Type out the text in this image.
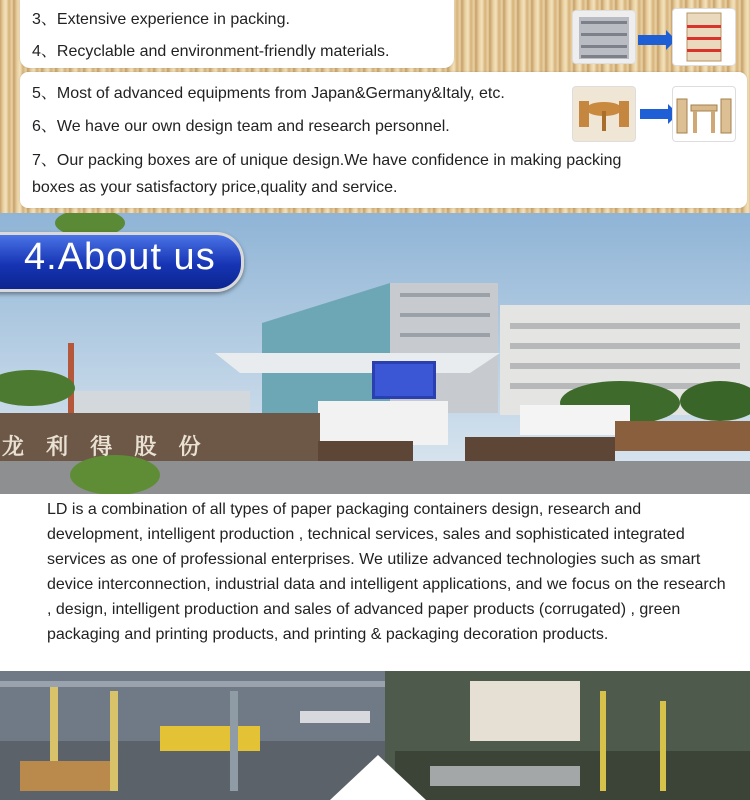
3、Extensive experience in packing.
4、Recyclable and environment-friendly materials.
5、Most of advanced equipments from Japan&Germany&Italy, etc.
6、We have our own design team and research personnel.
7、Our packing boxes are of unique design.We have confidence in making packing
boxes as your satisfactory price,quality and service.
龙 利 得 股 份
4.About us
LD is a combination of all types of paper packaging containers design, research and development, intelligent production , technical services, sales and sophisticated integrated services as one of professional enterprises. We utilize advanced technologies such as smart device interconnection, industrial data and intelligent applications, and we focus on the research , design, intelligent production and sales of advanced paper products (corrugated) , green packaging and printing products, and printing & packaging decoration products.
